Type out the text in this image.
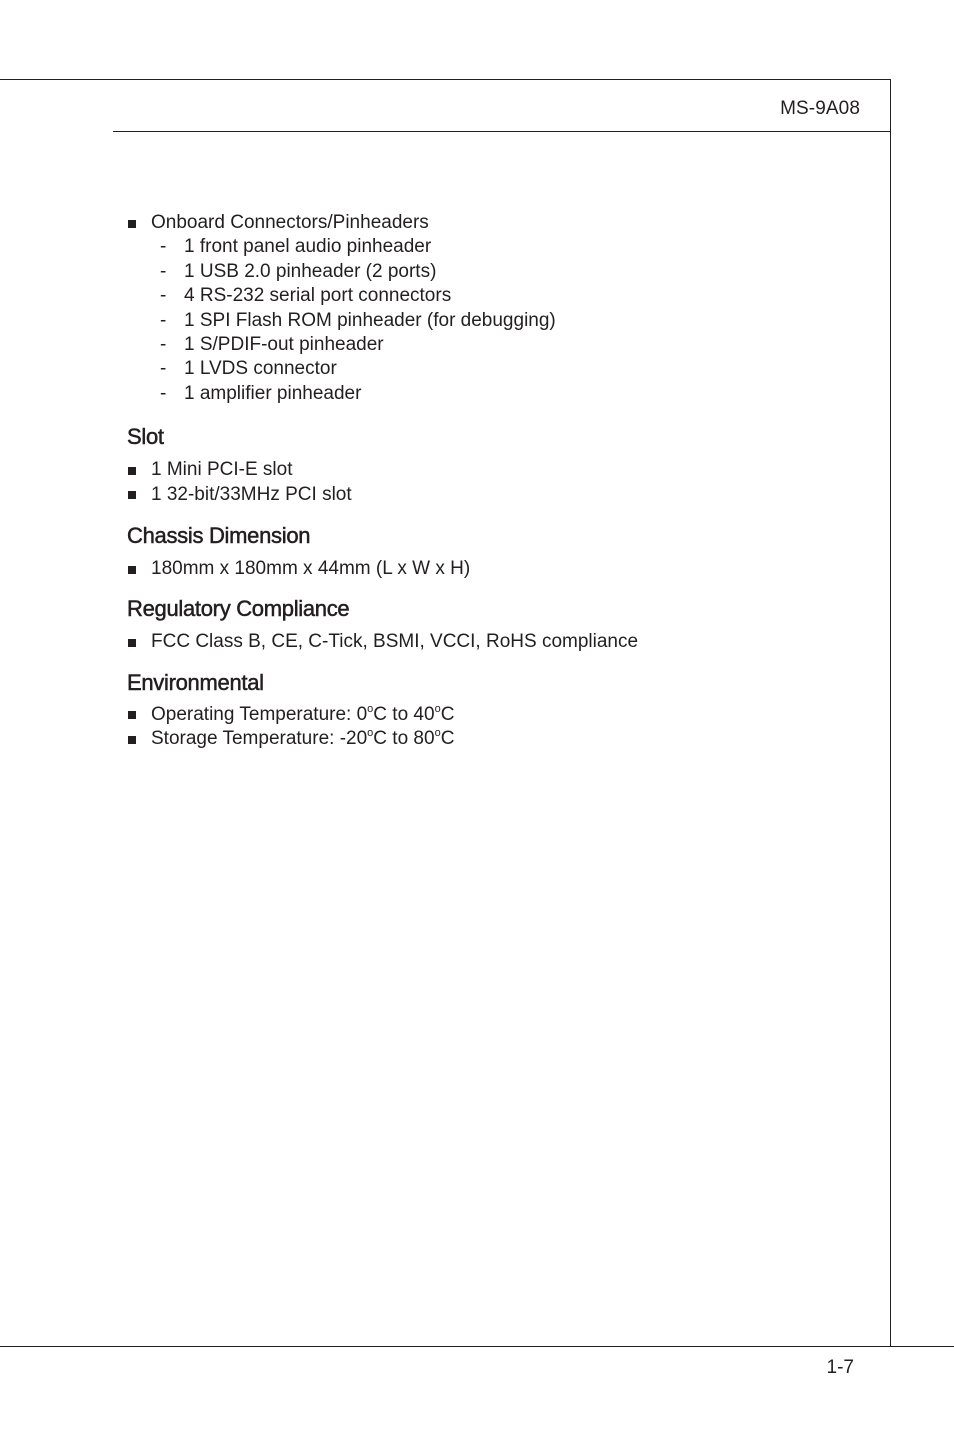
MS-9A08
Onboard Connectors/Pinheaders
- 1 front panel audio pinheader
- 1 USB 2.0 pinheader (2 ports)
- 4 RS-232 serial port connectors
- 1 SPI Flash ROM pinheader (for debugging)
- 1 S/PDIF-out pinheader
- 1 LVDS connector
- 1 amplifier pinheader
Slot
1 Mini PCI-E slot
1 32-bit/33MHz PCI slot
Chassis Dimension
180mm x 180mm x 44mm (L x W x H)
Regulatory Compliance
FCC Class B, CE, C-Tick, BSMI, VCCI, RoHS compliance
Environmental
Operating Temperature: 0$^o$C to 40$^o$C
Storage Temperature: -20$^o$C to 80$^o$C
1-7
